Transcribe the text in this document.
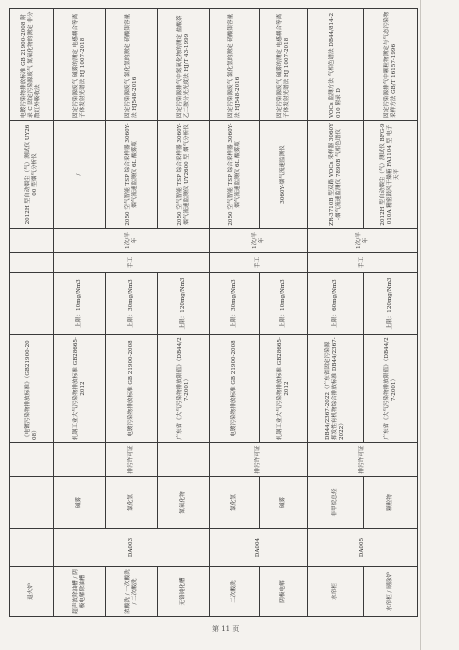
退火炉				《电镀污染物排放标准》（GB21900-2008）				2012H 型自动烟尘（气）测试仪 UY2600 型烟气分析仪	电镀污染物排放标准 GB 21900-2008 附录 C 固定污染源废气 氮氧化物的测定 非分散红外吸收法
超声波除油槽 / 阴极电解除油槽	DA003	碱雾		轧钢工业大气污染物排放标准 GB28665-2012	上限：10mg/Nm3	手工	1次/半年	/	固定污染源废气 碱雾的测定 电感耦合等离子体发射光谱法 HJ 1007-2018
浓酸洗 / 一次酸洗 / 二次酸洗		氯化氢	排污许可证	电镀污染物排放标准 GB 21900-2008	上限：30mg/Nm3			2050 空气智能 TSP 综合采样器 3060Y-烟气流速监测仪 6L 酸雾瓶	固定污染源废气 氯化氢的测定 硝酸银容量法 HJ548-2016
无铬钝化槽		氮氧化物		广东省《大气污染物排放限值》（DB44/27-2001）	上限：120mg/Nm3			2050 空气智能 TSP 综合采样器 3060Y-烟气流速监测仪 UY2600 型 烟气分析仪	固定污染源排气中氮氧化物的测定 盐酸萘乙二胺分光光度法 HJ/T 43-1999
二次酸洗	DA004	氯化氢	排污许可证	电镀污染物排放标准 GB 21900-2008	上限：30mg/Nm3	手工	1次/半年	2050 空气智能 TSP 综合采样器 3060Y-烟气流速监测仪 6L 酸雾瓶	固定污染源废气 氯化氢的测定 硝酸银容量法 HJ548-2016
阴极电解		碱雾		轧钢工业大气污染物排放标准 GB28665-2012	上限：10mg/Nm3			3060Y-烟气流速监测仪	固定污染源废气 碱雾的测定 电感耦合等离子体发射光谱法 HJ 1007-2018
水帘柜	DA005	非甲烷总烃	排污许可证	DB44/2367-2022（广东省固定污染源挥发性有机物综合排放标准 DB44/2367-2022）	上限：60mg/Nm3	手工	1次/半年	ZR-3710B 型双路 VOCs 采样器 3060Y-烟气流速监测仪 7890B 气相色谱仪	VOCs 监测方法 气相色谱法 DB44/814-2010 附录 D
水帘柜 / 刷涂炉		颗粒物		广东省《大气污染物排放限值》（DB44/27-2001）	上限：120mg/Nm3			2012H 型自动烟尘（气）测试仪 BFG-9010A 精密鼓风干燥箱 FA1104 型 电子天平	固定污染源排气中颗粒物测定与气态污染物采样方法 GB/T 16157-1996
第 11 页
